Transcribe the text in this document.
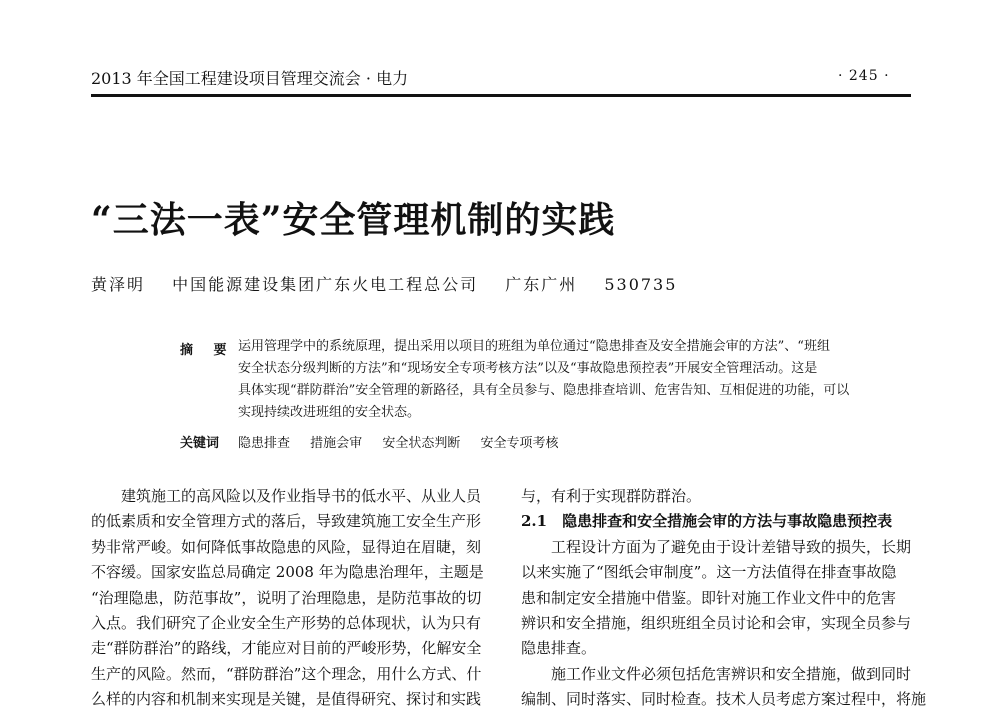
2013 年全国工程建设项目管理交流会 · 电力	· 245 ·
“三法一表”安全管理机制的实践
黄泽明 中国能源建设集团广东火电工程总公司 广东广州 530735
摘 要 运用管理学中的系统原理，提出采用以项目的班组为单位通过“隐患排查及安全措施会审的方法”、“班组
安全状态分级判断的方法”和“现场安全专项考核方法”以及“事故隐患预控表”开展安全管理活动。这是
具体实现“群防群治”安全管理的新路径，具有全员参与、隐患排查培训、危害告知、互相促进的功能，可以
实现持续改进班组的安全状态。
关键词 隐患排查 措施会审 安全状态判断 安全专项考核
　　建筑施工的高风险以及作业指导书的低水平、从业人员
的低素质和安全管理方式的落后，导致建筑施工安全生产形
势非常严峻。如何降低事故隐患的风险，显得迫在眉睫，刻
不容缓。国家安监总局确定 2008 年为隐患治理年，主题是
“治理隐患，防范事故”，说明了治理隐患，是防范事故的切
入点。我们研究了企业安全生产形势的总体现状，认为只有
走“群防群治”的路线，才能应对目前的严峻形势，化解安全
生产的风险。然而，“群防群治”这个理念，用什么方式、什
么样的内容和机制来实现是关键，是值得研究、探讨和实践
与，有利于实现群防群治。
2.1　隐患排查和安全措施会审的方法与事故隐患预控表
　　工程设计方面为了避免由于设计差错导致的损失，长期
以来实施了“图纸会审制度”。这一方法值得在排查事故隐
患和制定安全措施中借鉴。即针对施工作业文件中的危害
辨识和安全措施，组织班组全员讨论和会审，实现全员参与
隐患排查。
　　施工作业文件必须包括危害辨识和安全措施，做到同时
编制、同时落实、同时检查。技术人员考虑方案过程中，将施
